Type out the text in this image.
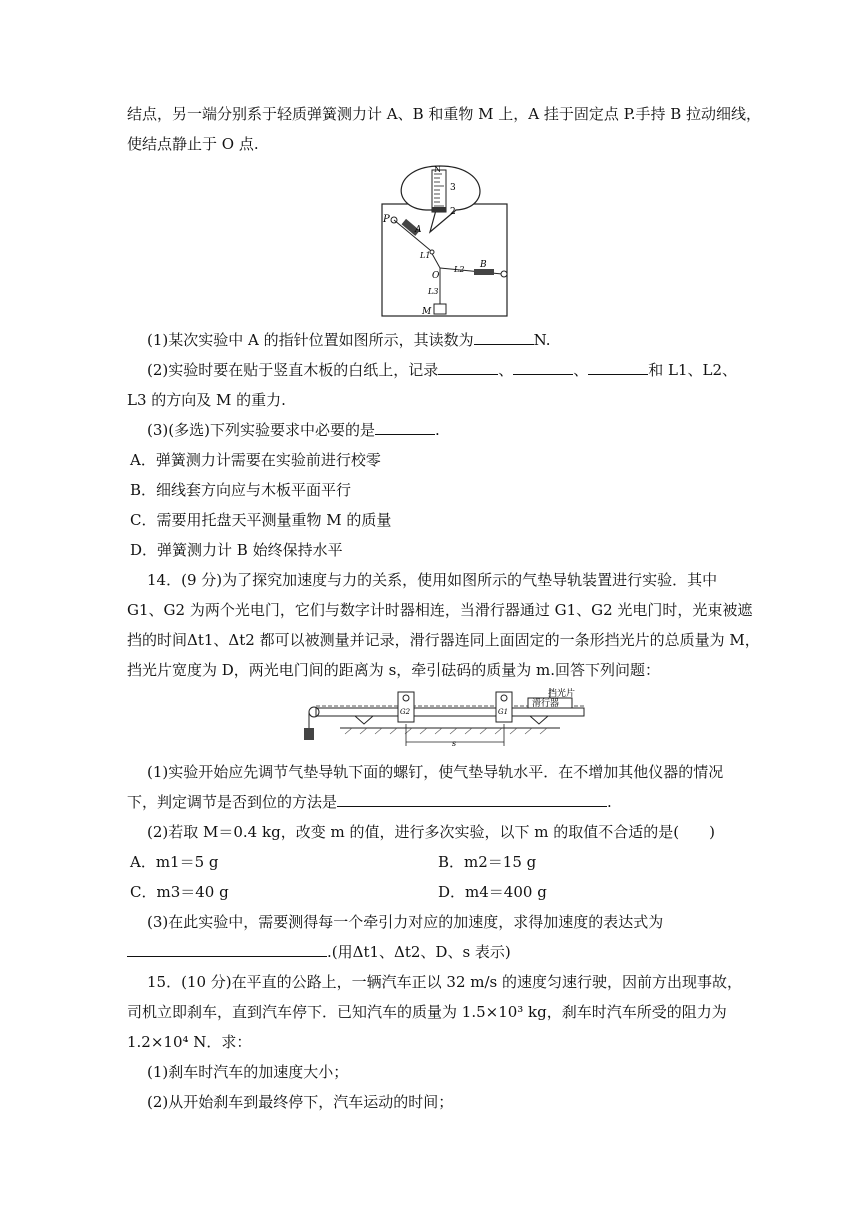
结点，另一端分别系于轻质弹簧测力计 A、B 和重物 M 上，A 挂于固定点 P.手持 B 拉动细线，
使结点静止于 O 点.
N
3
2
P
A
L1
O
L2 B
L3
M
(1)某次实验中 A 的指针位置如图所示，其读数为	N.
(2)实验时要在贴于竖直木板的白纸上，记录	、	、	和 L1、L2、
L3 的方向及 M 的重力.
(3)(多选)下列实验要求中必要的是	.
A．弹簧测力计需要在实验前进行校零
B．细线套方向应与木板平面平行
C．需要用托盘天平测量重物 M 的质量
D．弹簧测力计 B 始终保持水平
14．(9 分)为了探究加速度与力的关系，使用如图所示的气垫导轨装置进行实验．其中
G1、G2 为两个光电门，它们与数字计时器相连，当滑行器通过 G1、G2 光电门时，光束被遮
挡的时间Δt1、Δt2 都可以被测量并记录，滑行器连同上面固定的一条形挡光片的总质量为 M，
挡光片宽度为 D，两光电门间的距离为 s，牵引砝码的质量为 m.回答下列问题：
挡光片
滑行器
G2	G1
s
(1)实验开始应先调节气垫导轨下面的螺钉，使气垫导轨水平．在不增加其他仪器的情况
下，判定调节是否到位的方法是	.
(2)若取 M＝0.4 kg，改变 m 的值，进行多次实验，以下 m 的取值不合适的是(　　)
A．m1＝5 g	B．m2＝15 g
C．m3＝40 g	D．m4＝400 g
(3)在此实验中，需要测得每一个牵引力对应的加速度，求得加速度的表达式为
.(用Δt1、Δt2、D、s 表示)
15．(10 分)在平直的公路上，一辆汽车正以 32 m/s 的速度匀速行驶，因前方出现事故，
司机立即刹车，直到汽车停下．已知汽车的质量为 1.5×10³ kg，刹车时汽车所受的阻力为
1.2×10⁴ N．求：
(1)刹车时汽车的加速度大小；
(2)从开始刹车到最终停下，汽车运动的时间；
